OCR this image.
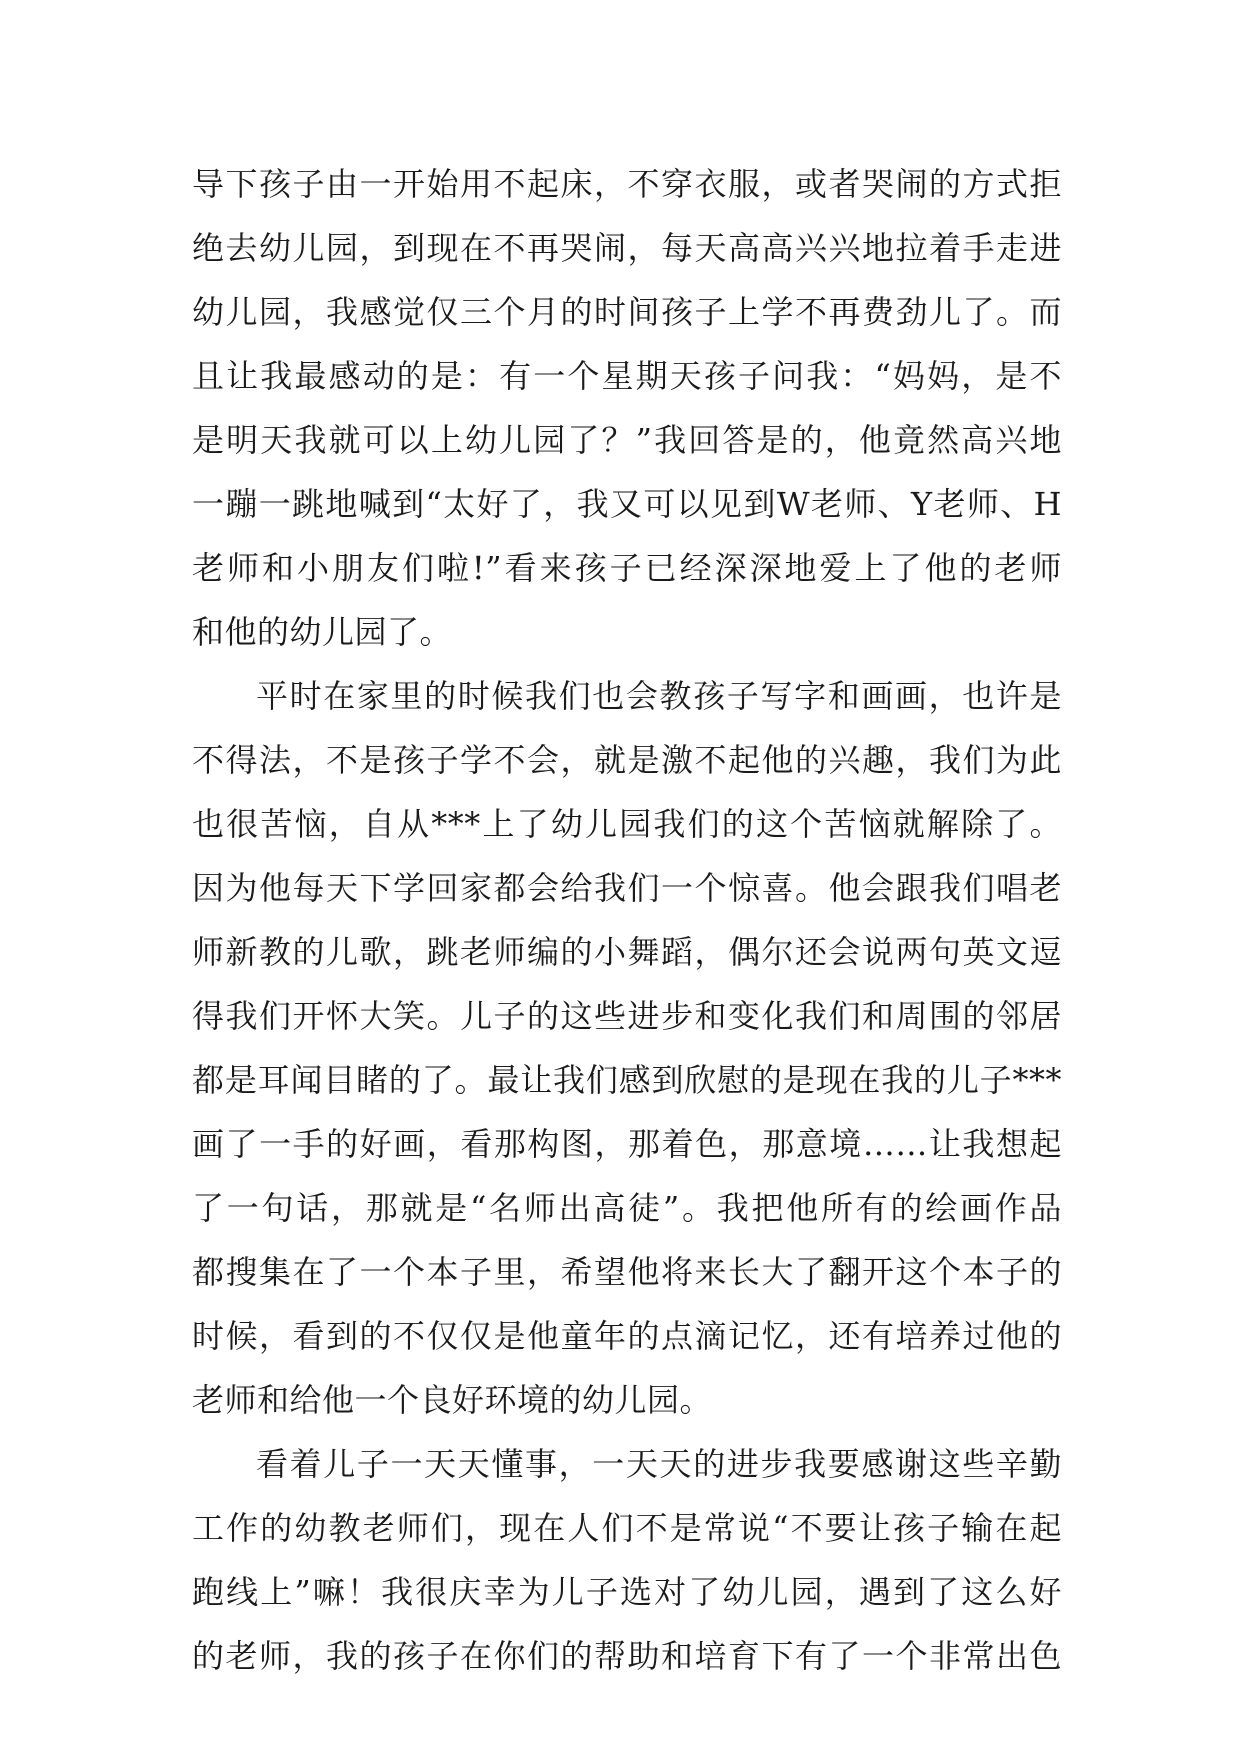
导下孩子由一开始用不起床，不穿衣服，或者哭闹的方式拒
绝去幼儿园，到现在不再哭闹，每天高高兴兴地拉着手走进
幼儿园，我感觉仅三个月的时间孩子上学不再费劲儿了。而
且让我最感动的是：有一个星期天孩子问我：“妈妈，是不
是明天我就可以上幼儿园了？”我回答是的，他竟然高兴地
一蹦一跳地喊到“太好了，我又可以见到W老师、Y老师、H
老师和小朋友们啦!”看来孩子已经深深地爱上了他的老师
和他的幼儿园了。
平时在家里的时候我们也会教孩子写字和画画，也许是
不得法，不是孩子学不会，就是激不起他的兴趣，我们为此
也很苦恼，自从***上了幼儿园我们的这个苦恼就解除了。
因为他每天下学回家都会给我们一个惊喜。他会跟我们唱老
师新教的儿歌，跳老师编的小舞蹈，偶尔还会说两句英文逗
得我们开怀大笑。儿子的这些进步和变化我们和周围的邻居
都是耳闻目睹的了。最让我们感到欣慰的是现在我的儿子***
画了一手的好画，看那构图，那着色，那意境……让我想起
了一句话，那就是“名师出高徒”。我把他所有的绘画作品
都搜集在了一个本子里，希望他将来长大了翻开这个本子的
时候，看到的不仅仅是他童年的点滴记忆，还有培养过他的
老师和给他一个良好环境的幼儿园。
看着儿子一天天懂事，一天天的进步我要感谢这些辛勤
工作的幼教老师们，现在人们不是常说“不要让孩子输在起
跑线上”嘛！我很庆幸为儿子选对了幼儿园，遇到了这么好
的老师，我的孩子在你们的帮助和培育下有了一个非常出色
